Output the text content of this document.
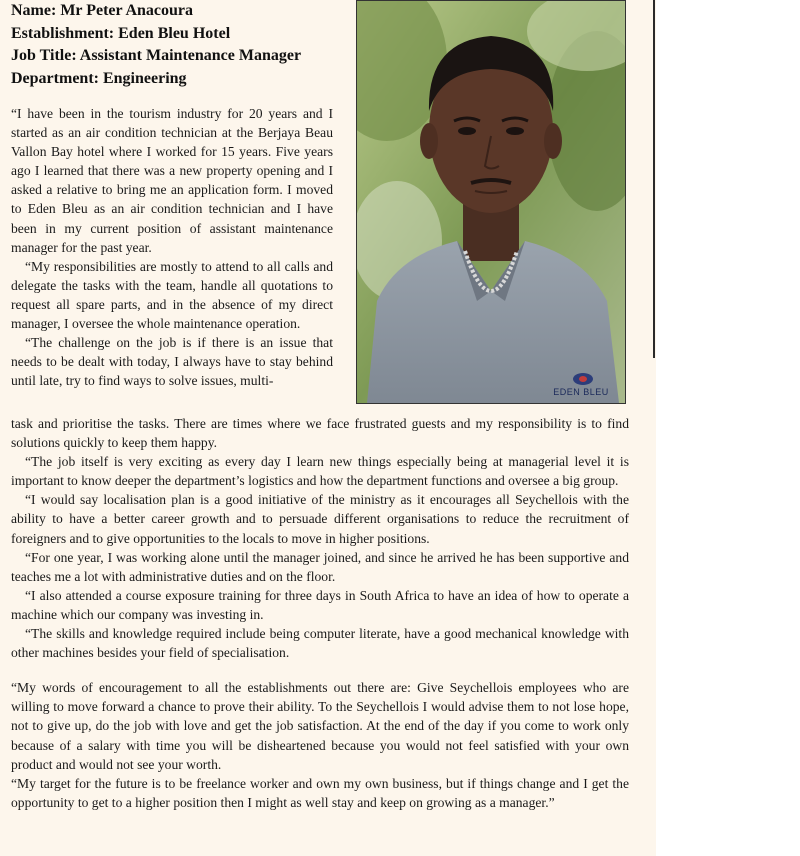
Name: Mr Peter Anacoura
Establishment: Eden Bleu Hotel
Job Title: Assistant Maintenance Manager
Department: Engineering
EDEN BLEU

“I have been in the tourism industry for 20 years and I started as an air condition technician at the Berjaya Beau Vallon Bay hotel where I worked for 15 years. Five years ago I learned that there was a new property opening and I asked a relative to bring me an application form. I moved to Eden Bleu as an air condition technician and I have been in my current position of assistant maintenance manager for the past year.

“My responsibilities are mostly to attend to all calls and delegate the tasks with the team, handle all quotations to request all spare parts, and in the absence of my direct manager, I oversee the whole maintenance operation.

“The challenge on the job is if there is an issue that needs to be dealt with today, I always have to stay behind until late, try to find ways to solve issues, multi-

task and prioritise the tasks. There are times where we face frustrated guests and my responsibility is to find solutions quickly to keep them happy.

“The job itself is very exciting as every day I learn new things especially being at managerial level it is important to know deeper the department’s logistics and how the department functions and oversee a big group.

“I would say localisation plan is a good initiative of the ministry as it encourages all Seychellois with the ability to have a better career growth and to persuade different organisations to reduce the recruitment of foreigners and to give opportunities to the locals to move in higher positions.

“For one year, I was working alone until the manager joined, and since he arrived he has been supportive and teaches me a lot with administrative duties and on the floor.

“I also attended a course exposure training for three days in South Africa to have an idea of how to operate a machine which our company was investing in.

“The skills and knowledge required include being computer literate, have a good mechanical knowledge with other machines besides your field of specialisation.

“My words of encouragement to all the establishments out there are: Give Seychellois employees who are willing to move forward a chance to prove their ability. To the Seychellois I would advise them to not lose hope, not to give up, do the job with love and get the job satisfaction. At the end of the day if you come to work only because of a salary with time you will be disheartened because you would not feel satisfied with your own product and would not see your worth.

“My target for the future is to be freelance worker and own my own business, but if things change and I get the opportunity to get to a higher position then I might as well stay and keep on growing as a manager.”
